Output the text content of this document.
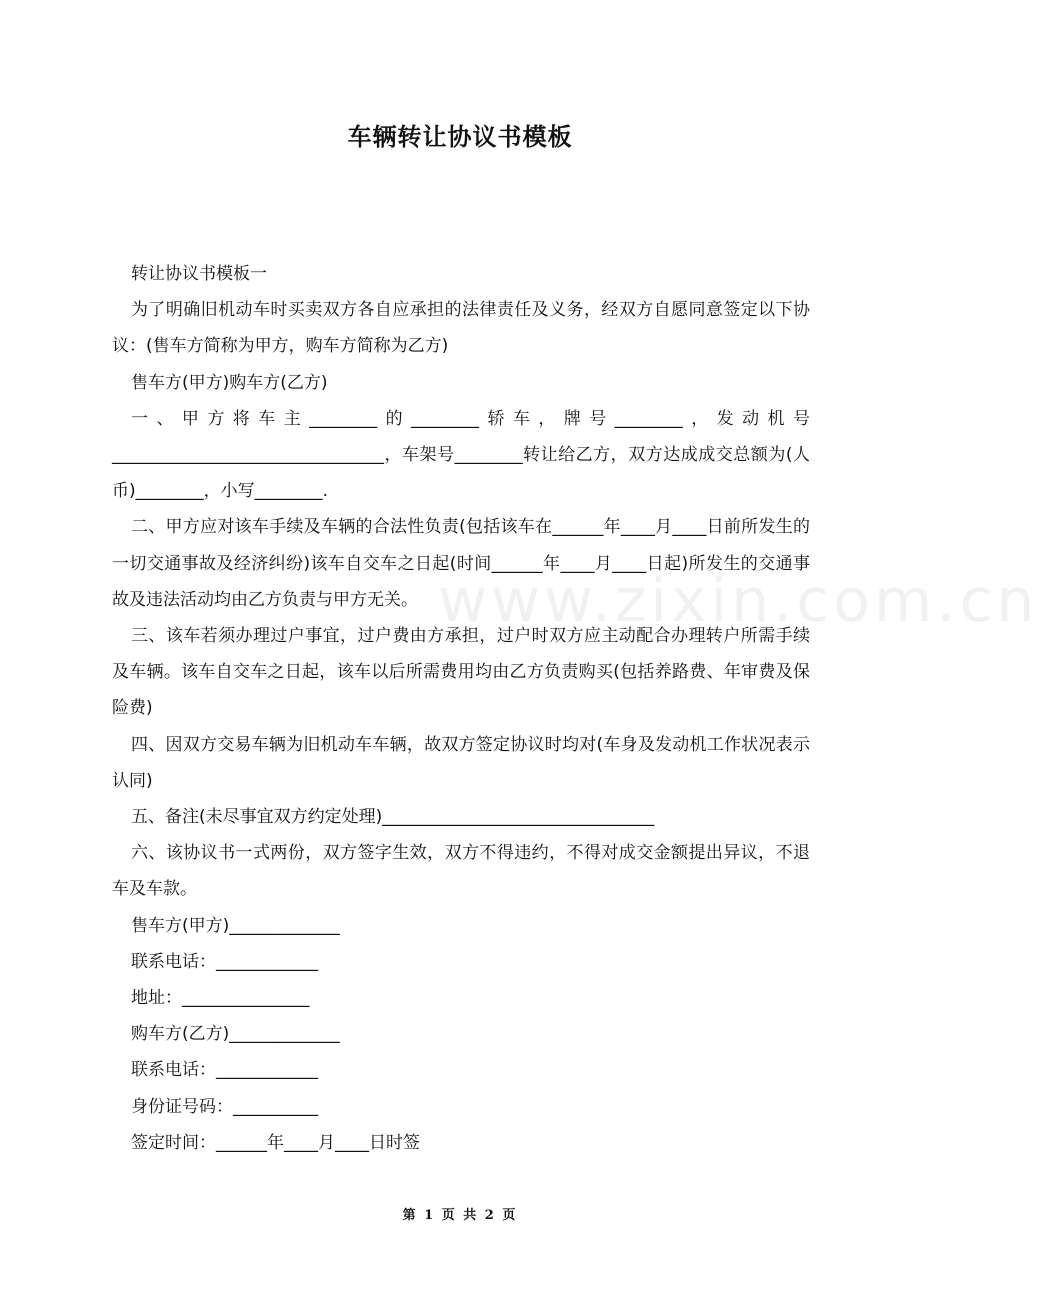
车辆转让协议书模板
www.zixin.com.cn

转让协议书模板一

为了明确旧机动车时买卖双方各自应承担的法律责任及义务，经双方自愿同意签定以下协议：(售车方简称为甲方，购车方简称为乙方)

售车方(甲方)购车方(乙方)

一、甲方将车主________的________轿车，牌号________，发动机号________________________________，车架号________转让给乙方，双方达成成交总额为(人币)________，小写________.

二、甲方应对该车手续及车辆的合法性负责(包括该车在______年____月____日前所发生的一切交通事故及经济纠纷)该车自交车之日起(时间______年____月____日起)所发生的交通事故及违法活动均由乙方负责与甲方无关。

三、该车若须办理过户事宜，过户费由方承担，过户时双方应主动配合办理转户所需手续及车辆。该车自交车之日起，该车以后所需费用均由乙方负责购买(包括养路费、年审费及保险费)

四、因双方交易车辆为旧机动车车辆，故双方签定协议时均对(车身及发动机工作状况表示认同)

五、备注(未尽事宜双方约定处理)________________________________

六、该协议书一式两份，双方签字生效，双方不得违约，不得对成交金额提出异议，不退车及车款。

售车方(甲方)_____________

联系电话：____________

地址：_______________

购车方(乙方)_____________

联系电话：____________

身份证号码：__________

签定时间：______年____月____日时签

第 1 页 共 2 页
